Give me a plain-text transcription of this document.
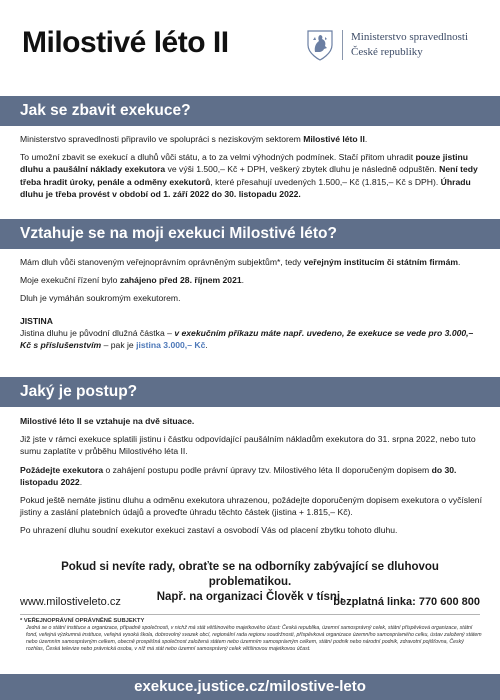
Milostivé léto II	Ministerstvo spravedlnosti
České republiky
Jak se zbavit exekuce?

Ministerstvo spravedlnosti připravilo ve spolupráci s neziskovým sektorem Milostivé léto II.

To umožní zbavit se exekucí a dluhů vůči státu, a to za velmi výhodných podmínek. Stačí přitom uhradit pouze jistinu dluhu a paušální náklady exekutora ve výši 1.500,– Kč + DPH, veškerý zbytek dluhu je následně odpuštěn. Není tedy třeba hradit úroky, penále a odměny exekutorů, které přesahují uvedených 1.500,– Kč (1.815,– Kč s DPH). Úhradu dluhu je třeba provést v období od 1. září 2022 do 30. listopadu 2022.

Vztahuje se na moji exekuci Milostivé léto?

Mám dluh vůči stanoveným veřejnoprávním oprávněným subjektům*, tedy veřejným institucím či státním firmám.

Moje exekuční řízení bylo zahájeno před 28. říjnem 2021.

Dluh je vymáhán soukromým exekutorem.

JISTINA

Jistina dluhu je původní dlužná částka – v exekučním příkazu máte např. uvedeno, že exekuce se vede pro 3.000,– Kč s příslušenstvím – pak je jistina 3.000,– Kč.

Jaký je postup?

Milostivé léto II se vztahuje na dvě situace.

Již jste v rámci exekuce splatili jistinu i částku odpovídající paušálním nákladům exekutora do 31. srpna 2022, nebo tuto sumu zaplatíte v průběhu Milostivého léta II.

Požádejte exekutora o zahájení postupu podle právní úpravy tzv. Milostivého léta II doporučeným dopisem do 30. listopadu 2022.

Pokud ještě nemáte jistinu dluhu a odměnu exekutora uhrazenou, požádejte doporučeným dopisem exekutora o vyčíslení jistiny a zaslání platebních údajů a proveďte úhradu těchto částek (jistina + 1.815,– Kč).

Po uhrazení dluhu soudní exekutor exekuci zastaví a osvobodí Vás od placení zbytku tohoto dluhu.

Pokud si nevíte rady, obraťte se na odborníky zabývající se dluhovou problematikou.
Např. na organizaci Člověk v tísni.
www.milostiveleto.cz	bezplatná linka: 770 600 800
* VEŘEJNOPRÁVNÍ OPRÁVNĚNÉ SUBJEKTY
Jedná se o státní instituce a organizace, případně společnosti, v nichž má stát většinového majetkového účast: Česká republika, územní samosprávný celek, státní příspěvková organizace, státní fond, veřejná výzkumná instituce, veřejná vysoká škola, dobrovolný svazek obcí, regionální rada regionu soudržnosti, příspěvková organizace územního samosprávného celku, ústav založený státem nebo územním samosprávným celkem, obecně prospěšná společnost založená státem nebo územním samosprávným celkem, státní podnik nebo národní podnik, zdravotní pojišťovna, Český rozhlas, Česká televize nebo právnická osoba, v níž má stát nebo územní samosprávný celek většinovou majetkovou účast.
exekuce.justice.cz/milostive-leto
